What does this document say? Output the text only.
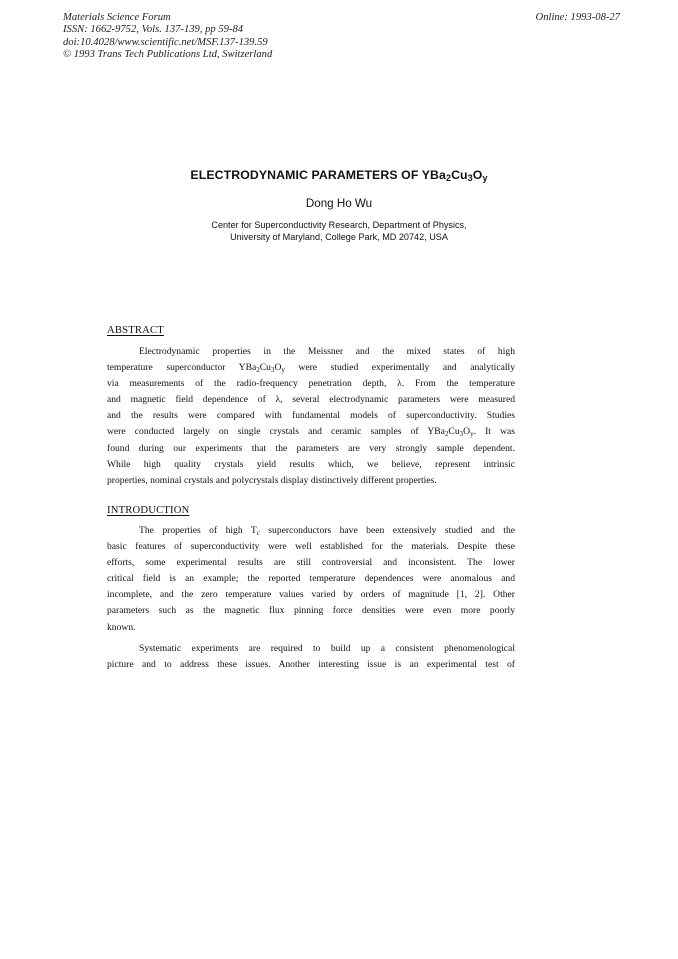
Materials Science Forum
ISSN: 1662-9752, Vols. 137-139, pp 59-84
doi:10.4028/www.scientific.net/MSF.137-139.59
© 1993 Trans Tech Publications Ltd, Switzerland
Online: 1993-08-27
ELECTRODYNAMIC PARAMETERS OF $YBa_2Cu_3O_y$
Dong Ho Wu
Center for Superconductivity Research, Department of Physics,
University of Maryland, College Park, MD 20742, USA
ABSTRACT
Electrodynamic properties in the Meissner and the mixed states of high
temperature superconductor $YBa_2Cu_3O_y$ were studied experimentally and analytically
via measurements of the radio-frequency penetration depth, λ. From the temperature
and magnetic field dependence of λ, several electrodynamic parameters were measured
and the results were compared with fundamental models of superconductivity. Studies
were conducted largely on single crystals and ceramic samples of $YBa_2Cu_3O_y$. It was
found during our experiments that the parameters are very strongly sample dependent.
While high quality crystals yield results which, we believe, represent intrinsic
properties, nominal crystals and polycrystals display distinctively different properties.
INTRODUCTION
The properties of high $T_c$ superconductors have been extensively studied and the
basic features of superconductivity were well established for the materials. Despite these
efforts, some experimental results are still controversial and inconsistent. The lower
critical field is an example; the reported temperature dependences were anomalous and
incomplete, and the zero temperature values varied by orders of magnitude [1, 2]. Other
parameters such as the magnetic flux pinning force densities were even more poorly
known.
Systematic experiments are required to build up a consistent phenomenological
picture and to address these issues. Another interesting issue is an experimental test of
